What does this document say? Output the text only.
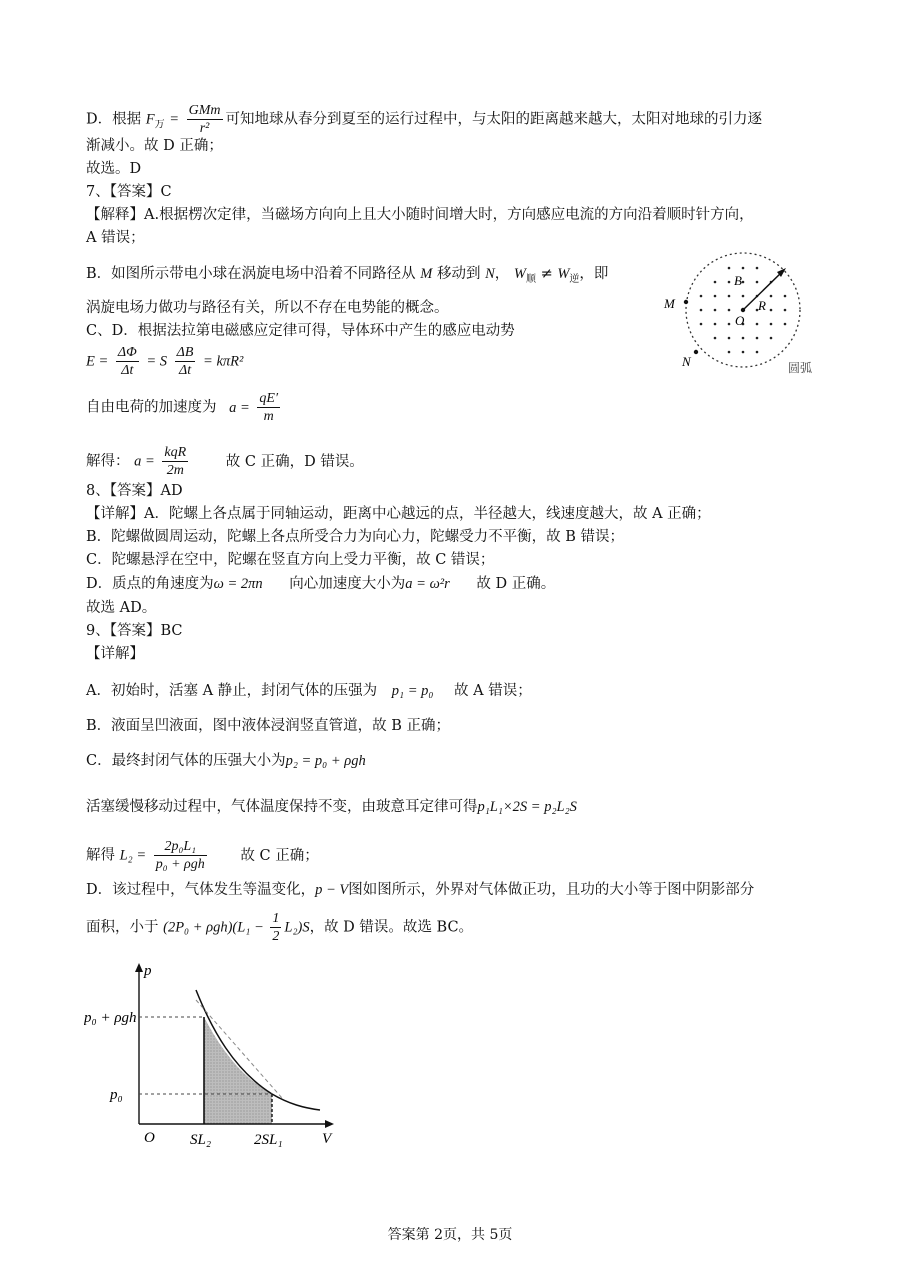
D．根据 $F_万 = \frac{\text{GMm}}{\text{r²}}$ 可知地球从春分到夏至的运行过程中，与太阳的距离越来越大，太阳对地球的引力逐
渐减小。故 D 正确；
故选。D
7、【答案】C
【解释】A.根据楞次定律，当磁场方向向上且大小随时间增大时，方向感应电流的方向沿着顺时针方向，
A 错误；
B．如图所示带电小球在涡旋电场中沿着不同路径从 M 移动到 N， $W_顺 \ne W_逆$，即
涡旋电场力做功与路径有关，所以不存在电势能的概念。
C、D．根据法拉第电磁感应定律可得，导体环中产生的感应电动势
$E = \frac{\Delta\Phi}{\Delta t} = S \frac{\Delta B}{\Delta t} = k\pi R^2$
自由电荷的加速度为 $a = \frac{qE'}{m}$
解得： $a = \frac{\text{kqR}}{2m}$	故 C 正确，D 错误。
8、【答案】AD
【详解】A．陀螺上各点属于同轴运动，距离中心越远的点，半径越大，线速度越大，故 A 正确；
B．陀螺做圆周运动，陀螺上各点所受合力为向心力，陀螺受力不平衡，故 B 错误；
C．陀螺悬浮在空中，陀螺在竖直方向上受力平衡，故 C 错误；
D．质点的角速度为ω = 2πn 向心加速度大小为a = ω²r 故 D 正确。
故选 AD。
9、【答案】BC
【详解】
A．初始时，活塞 A 静止，封闭气体的压强为 p₁ = p₀ 故 A 错误；
B．液面呈凹液面，图中液体浸润竖直管道，故 B 正确；
C．最终封闭气体的压强大小为p₂ = p₀ + ρgh
活塞缓慢移动过程中，气体温度保持不变，由玻意耳定律可得p₁L₁×2S = p₂L₂S
解得 $L_2 = \frac{\text{2p₀L₁}}{\text{p₀ + ρgh}}$ 故 C 正确；
D．该过程中，气体发生等温变化，p − V图如图所示，外界对气体做正功，且功的大小等于图中阴影部分
面积，小于 $(2P_0 + \rho gh)(L_1 - \frac{1}{2} L_2)S$，故 D 错误。故选 BC。
B
R
O
M
N	圆弧
p
p₀ + ρgh
p₀
O SL₂	2SL₁	V
答案第 2页，共 5页
